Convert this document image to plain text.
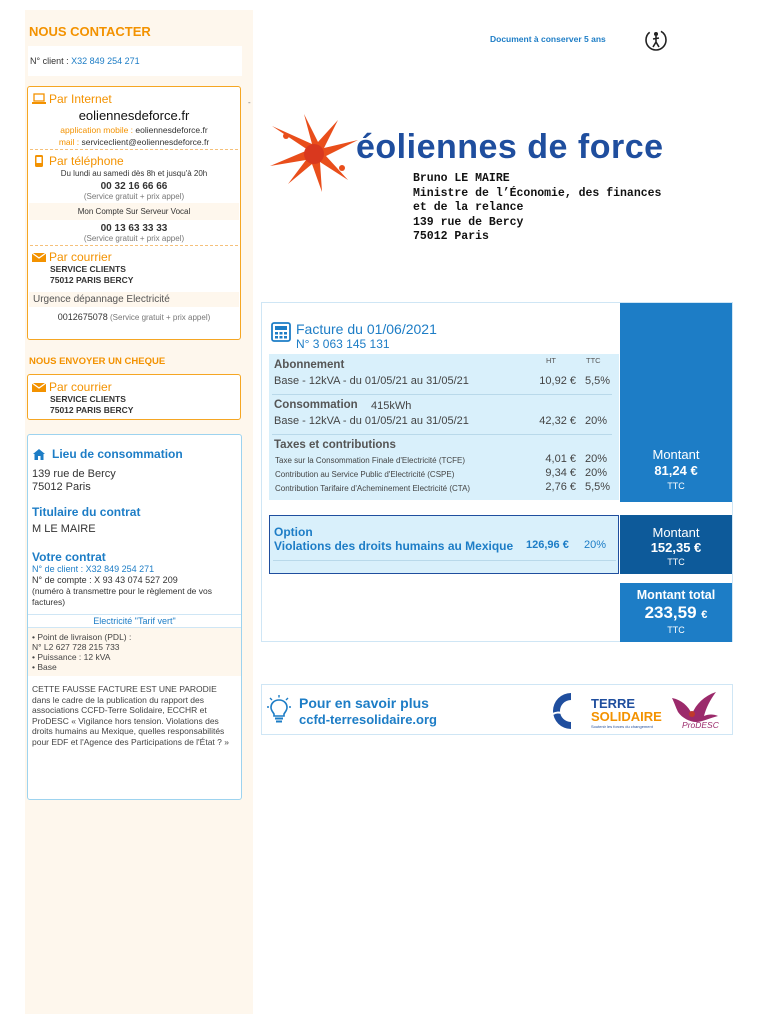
NOUS CONTACTER
N° client : X32 849 254 271
Par Internet
eoliennesdeforce.fr
application mobile : eoliennesdeforce.fr
mail : serviceclient@eoliennesdeforce.fr
Par téléphone
Du lundi au samedi dès 8h et jusqu'à 20h
00 32 16 66 66
(Service gratuit + prix appel)
Mon Compte Sur Serveur Vocal
00 13 63 33 33
(Service gratuit + prix appel)
Par courrier
SERVICE CLIENTS
75012 PARIS BERCY
Urgence dépannage Electricité
0012675078 (Service gratuit + prix appel)
NOUS ENVOYER UN CHEQUE
Par courrier
SERVICE CLIENTS
75012 PARIS BERCY
Lieu de consommation
139 rue de Bercy
75012 Paris
Titulaire du contrat
M LE MAIRE
Votre contrat
N° de client : X32 849 254 271
N° de compte : X 93 43 074 527 209
(numéro à transmettre pour le règlement de vos factures)
Electricité "Tarif vert"
• Point de livraison (PDL) :
N° L2 627 728 215 733
• Puissance : 12 kVA
• Base
CETTE FAUSSE FACTURE EST UNE PARODIE dans le cadre de la publication du rapport des associations CCFD-Terre Solidaire, ECCHR et ProDESC « Vigilance hors tension. Violations des droits humains au Mexique, quelles responsabilités pour EDF et l'Agence des Participations de l'État ? »
Document à conserver 5 ans
-
éoliennes de force
Bruno LE MAIRE
Ministre de l’Économie, des finances
et de la relance
139 rue de Bercy
75012 Paris
Facture du 01/06/2021
N° 3 063 145 131
HT	TTC
Abonnement
Base - 12kVA - du 01/05/21 au 31/05/21	10,92 € 5,5%
Consommation 415kWh
Base - 12kVA - du 01/05/21 au 31/05/21	42,32 € 20%
Taxes et contributions
Taxe sur la Consommation Finale d'Electricité (TCFE)	4,01 € 20%
Contribution au Service Public d'Electricité (CSPE)	9,34 € 20%
Contribution Tarifaire d'Acheminement Electricité (CTA)	2,76 € 5,5%
Montant
81,24 €
TTC
Option
Violations des droits humains au Mexique 126,96 € 20%
Montant
152,35 €
TTC
Montant total
233,59 €
TTC
Pour en savoir plus
ccfd-terresolidaire.org	CCFD
TERRE
SOLIDAIRE
Soutenir les forces du changement	ProDESC
